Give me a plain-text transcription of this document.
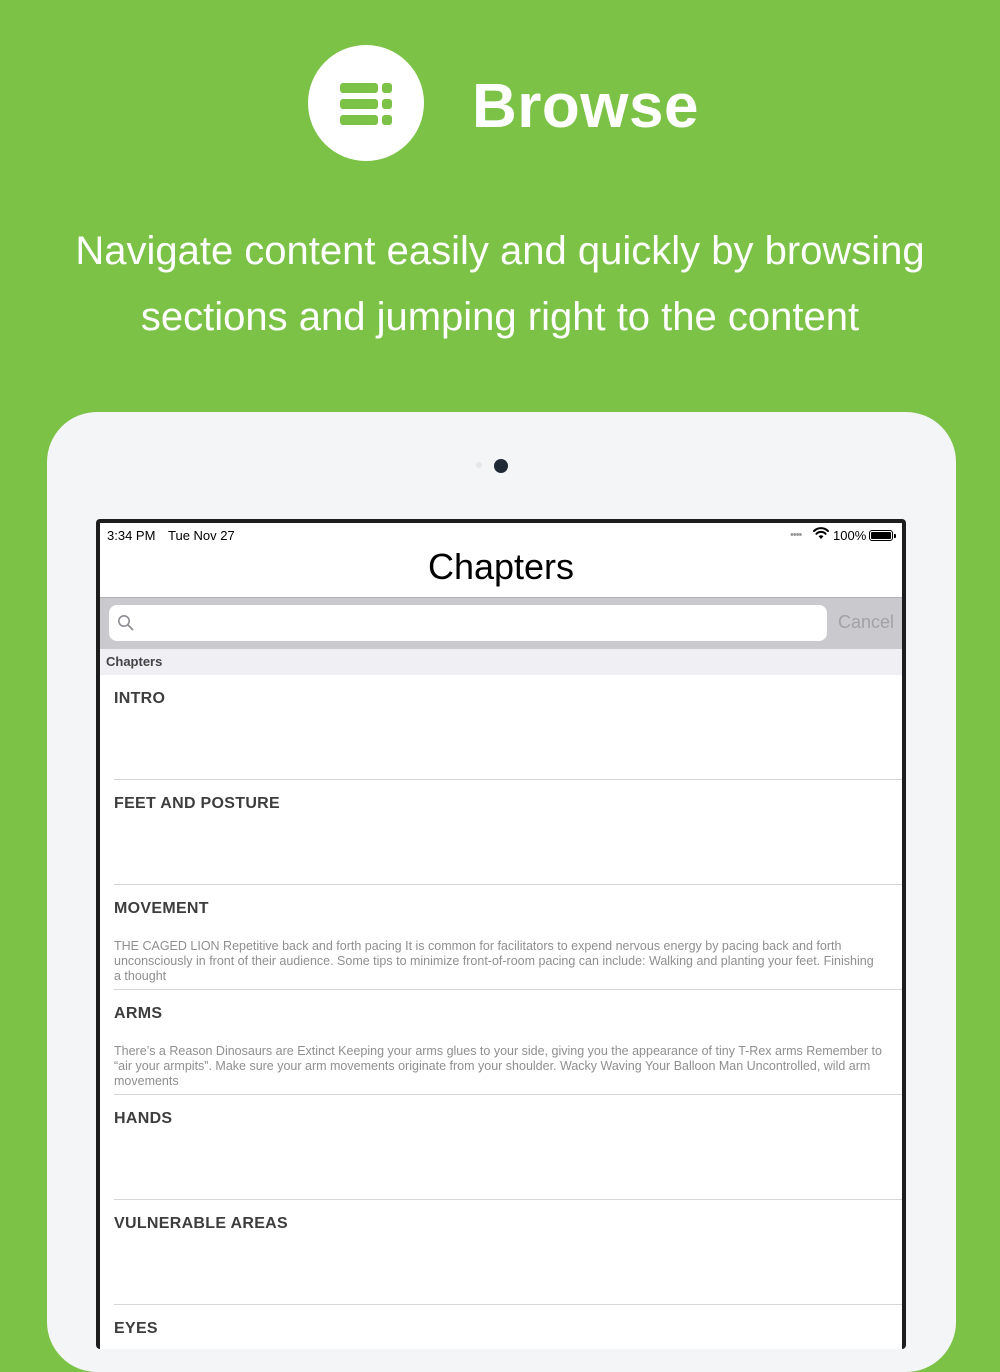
Browse
Navigate content easily and quickly by browsing
sections and jumping right to the content
3:34 PM Tue Nov 27	•••• 100%
Chapters
Cancel
Chapters
INTRO
FEET AND POSTURE
MOVEMENT
THE CAGED LION Repetitive back and forth pacing It is common for facilitators to expend nervous energy by pacing back and forth unconsciously in front of their audience. Some tips to minimize front-of-room pacing can include: Walking and planting your feet. Finishing a thought
ARMS
There’s a Reason Dinosaurs are Extinct Keeping your arms glues to your side, giving you the appearance of tiny T-Rex arms Remember to “air your armpits”. Make sure your arm movements originate from your shoulder. Wacky Waving Your Balloon Man Uncontrolled, wild arm movements
HANDS
VULNERABLE AREAS
EYES
